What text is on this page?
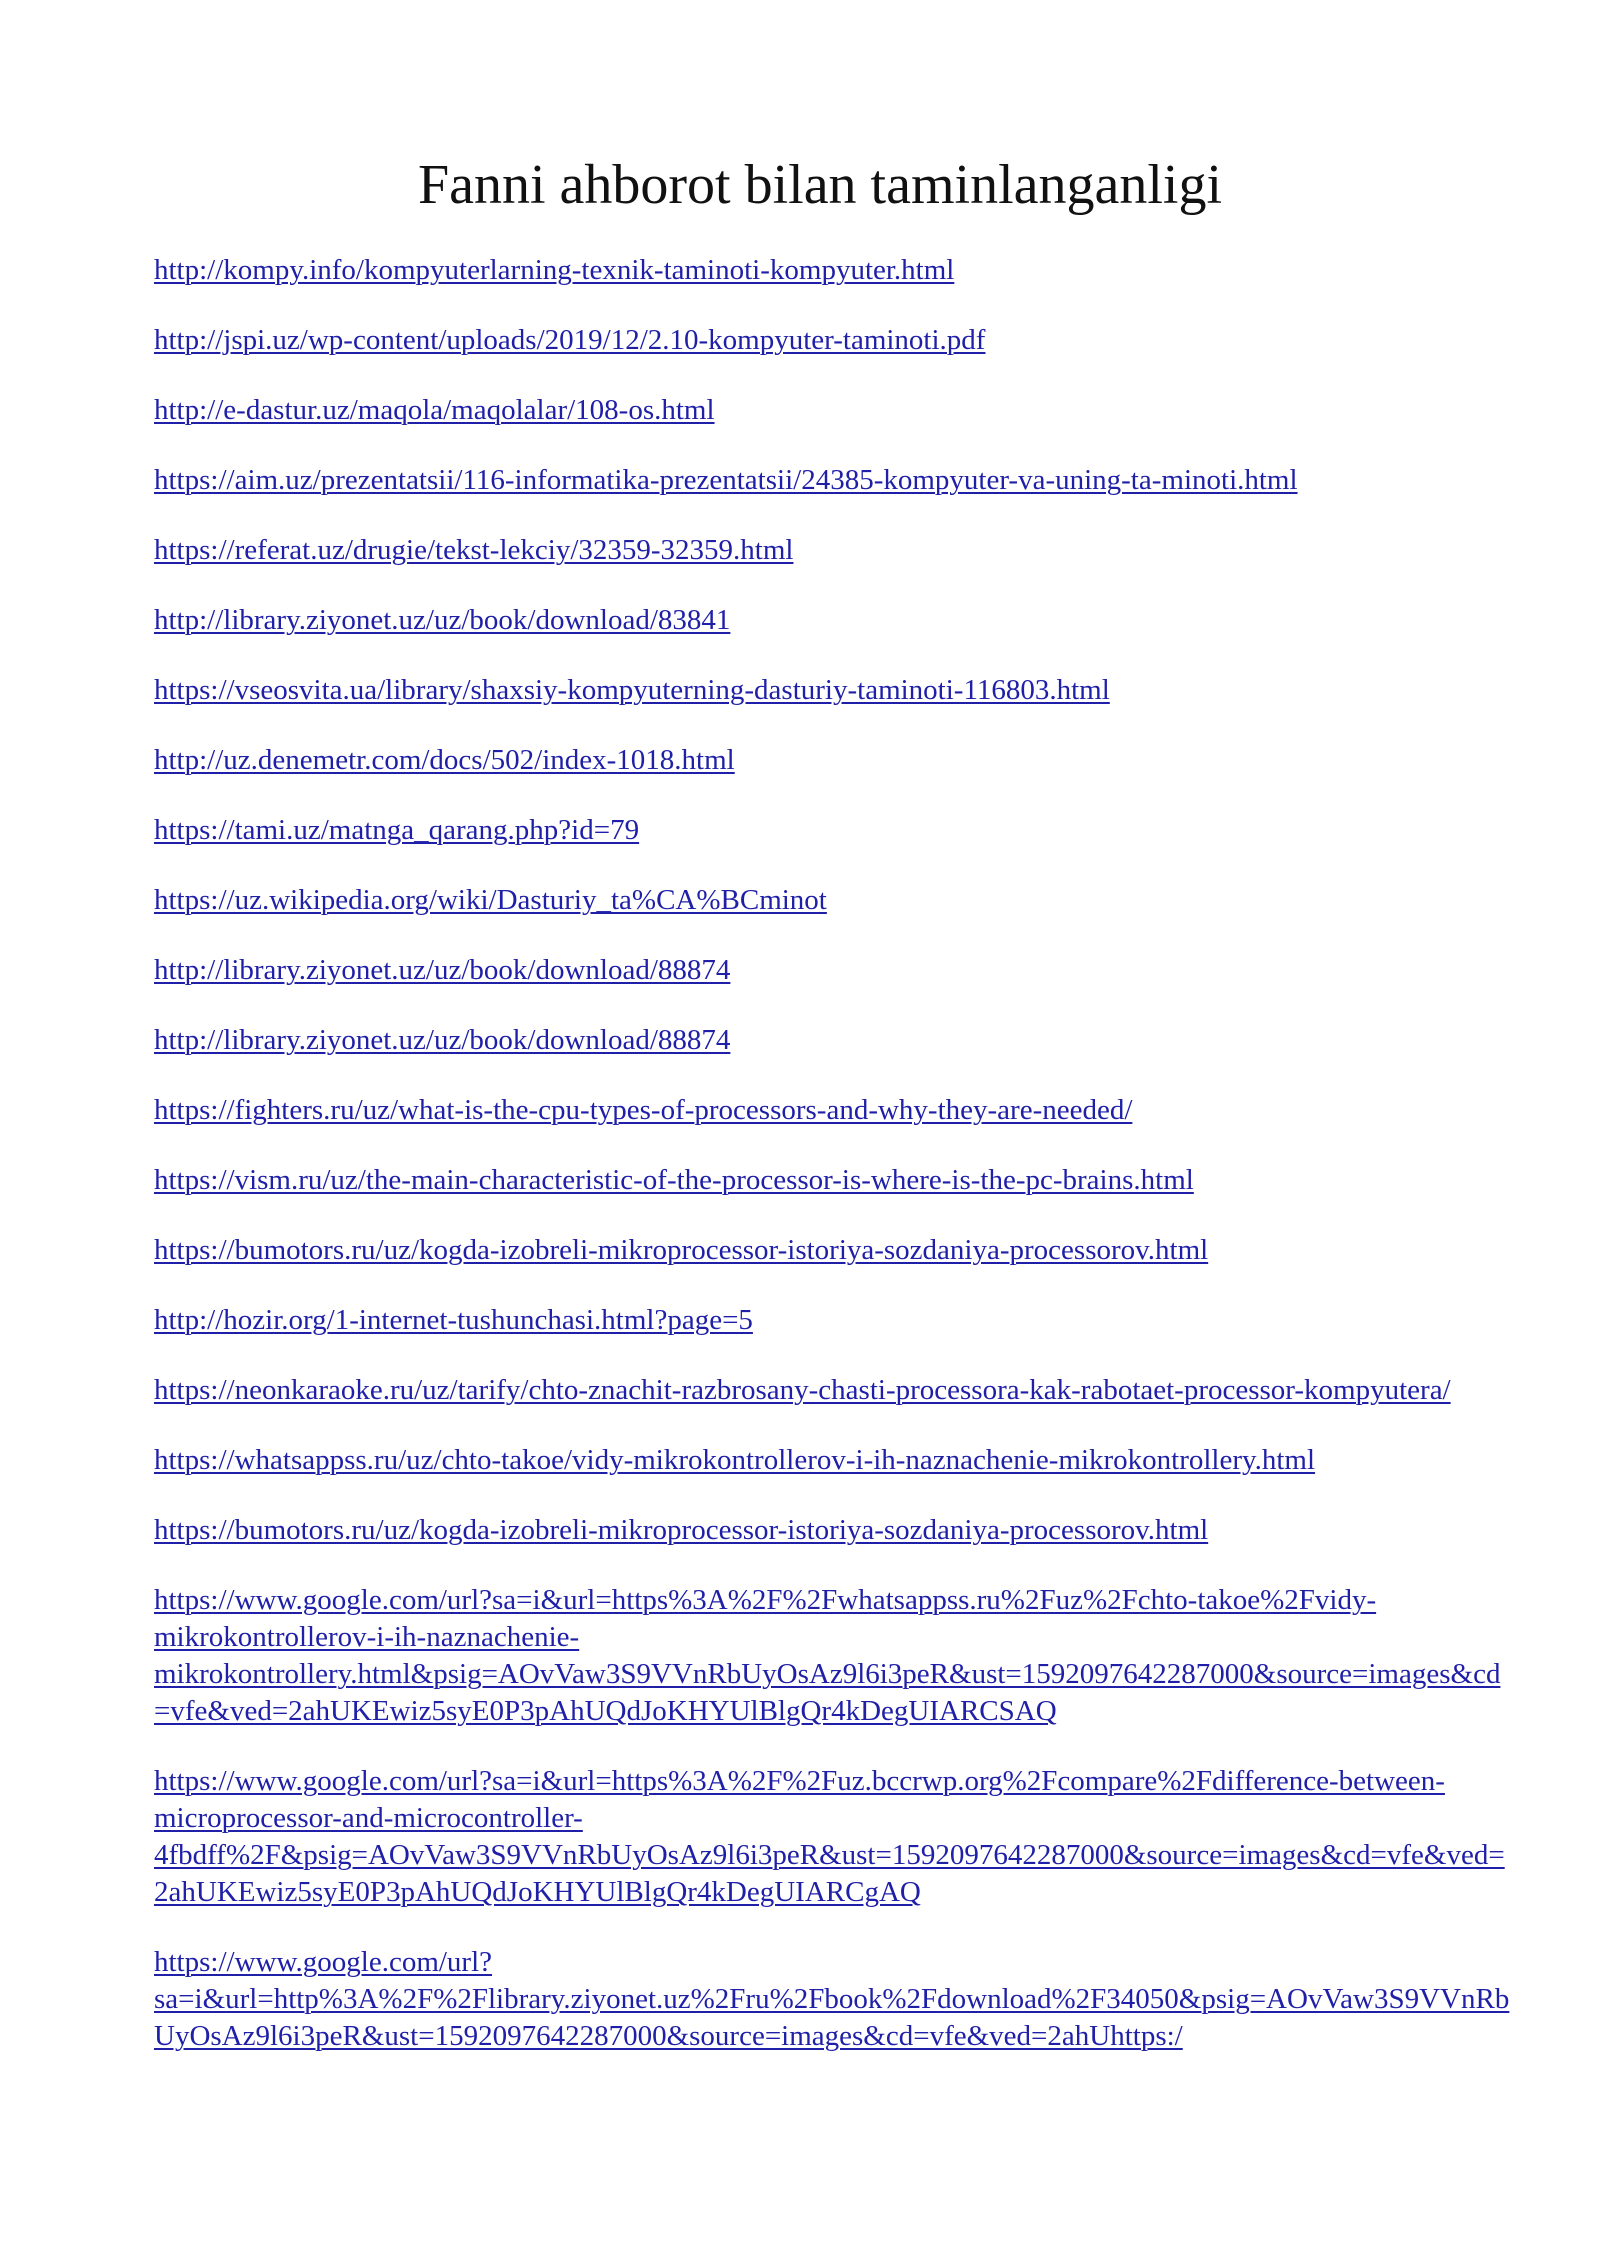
Fanni ahborot bilan taminlanganligi
http://kompy.info/kompyuterlarning-texnik-taminoti-kompyuter.html
http://jspi.uz/wp-content/uploads/2019/12/2.10-kompyuter-taminoti.pdf
http://e-dastur.uz/maqola/maqolalar/108-os.html
https://aim.uz/prezentatsii/116-informatika-prezentatsii/24385-kompyuter-va-uning-ta-minoti.html
https://referat.uz/drugie/tekst-lekciy/32359-32359.html
http://library.ziyonet.uz/uz/book/download/83841
https://vseosvita.ua/library/shaxsiy-kompyuterning-dasturiy-taminoti-116803.html
http://uz.denemetr.com/docs/502/index-1018.html
https://tami.uz/matnga_qarang.php?id=79
https://uz.wikipedia.org/wiki/Dasturiy_ta%CA%BCminot
http://library.ziyonet.uz/uz/book/download/88874
http://library.ziyonet.uz/uz/book/download/88874
https://fighters.ru/uz/what-is-the-cpu-types-of-processors-and-why-they-are-needed/
https://vism.ru/uz/the-main-characteristic-of-the-processor-is-where-is-the-pc-brains.html
https://bumotors.ru/uz/kogda-izobreli-mikroprocessor-istoriya-sozdaniya-processorov.html
http://hozir.org/1-internet-tushunchasi.html?page=5
https://neonkaraoke.ru/uz/tarify/chto-znachit-razbrosany-chasti-processora-kak-rabotaet-processor-kompyutera/
https://whatsappss.ru/uz/chto-takoe/vidy-mikrokontrollerov-i-ih-naznachenie-mikrokontrollery.html
https://bumotors.ru/uz/kogda-izobreli-mikroprocessor-istoriya-sozdaniya-processorov.html
https://www.google.com/url?sa=i&url=https%3A%2F%2Fwhatsappss.ru%2Fuz%2Fchto-takoe%2Fvidy-mikrokontrollerov-i-ih-naznachenie-mikrokontrollery.html&psig=AOvVaw3S9VVnRbUyOsAz9l6i3peR&ust=1592097642287000&source=images&cd=vfe&ved=2ahUKEwiz5syE0P3pAhUQdJoKHYUlBlgQr4kDegUIARCSAQ
https://www.google.com/url?sa=i&url=https%3A%2F%2Fuz.bccrwp.org%2Fcompare%2Fdifference-between-microprocessor-and-microcontroller-4fbdff%2F&psig=AOvVaw3S9VVnRbUyOsAz9l6i3peR&ust=1592097642287000&source=images&cd=vfe&ved=2ahUKEwiz5syE0P3pAhUQdJoKHYUlBlgQr4kDegUIARCgAQ
https://www.google.com/url?sa=i&url=http%3A%2F%2Flibrary.ziyonet.uz%2Fru%2Fbook%2Fdownload%2F34050&psig=AOvVaw3S9VVnRbUyOsAz9l6i3peR&ust=1592097642287000&source=images&cd=vfe&ved=2ahUhttps:/
